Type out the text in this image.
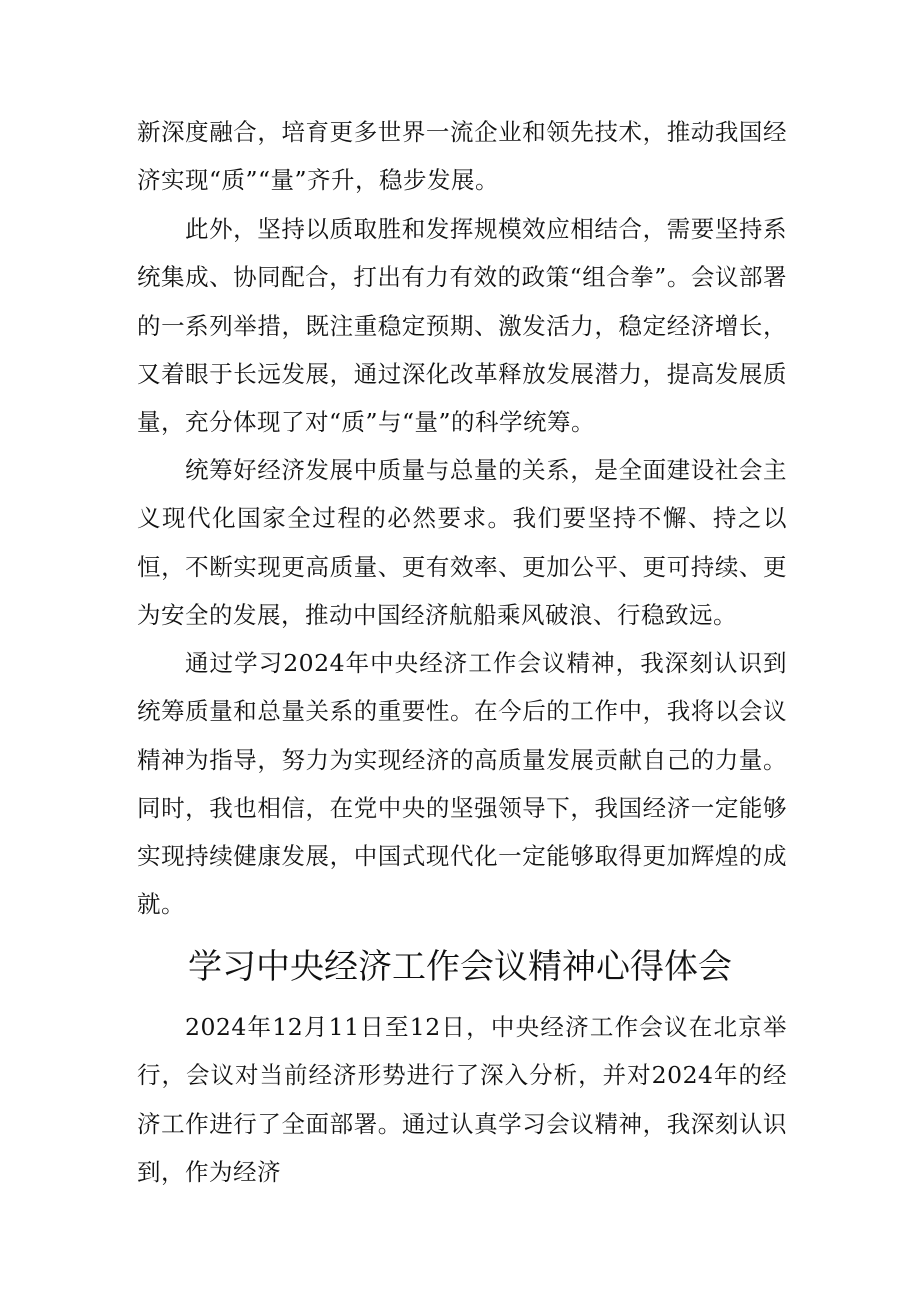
新深度融合，培育更多世界一流企业和领先技术，推动我国经济实现“质”“量”齐升，稳步发展。

此外，坚持以质取胜和发挥规模效应相结合，需要坚持系统集成、协同配合，打出有力有效的政策“组合拳”。会议部署的一系列举措，既注重稳定预期、激发活力，稳定经济增长，又着眼于长远发展，通过深化改革释放发展潜力，提高发展质量，充分体现了对“质”与“量”的科学统筹。

统筹好经济发展中质量与总量的关系，是全面建设社会主义现代化国家全过程的必然要求。我们要坚持不懈、持之以恒，不断实现更高质量、更有效率、更加公平、更可持续、更为安全的发展，推动中国经济航船乘风破浪、行稳致远。

通过学习2024年中央经济工作会议精神，我深刻认识到统筹质量和总量关系的重要性。在今后的工作中，我将以会议精神为指导，努力为实现经济的高质量发展贡献自己的力量。同时，我也相信，在党中央的坚强领导下，我国经济一定能够实现持续健康发展，中国式现代化一定能够取得更加辉煌的成就。

学习中央经济工作会议精神心得体会

2024年12月11日至12日，中央经济工作会议在北京举行，会议对当前经济形势进行了深入分析，并对2024年的经济工作进行了全面部署。通过认真学习会议精神，我深刻认识到，作为经济
